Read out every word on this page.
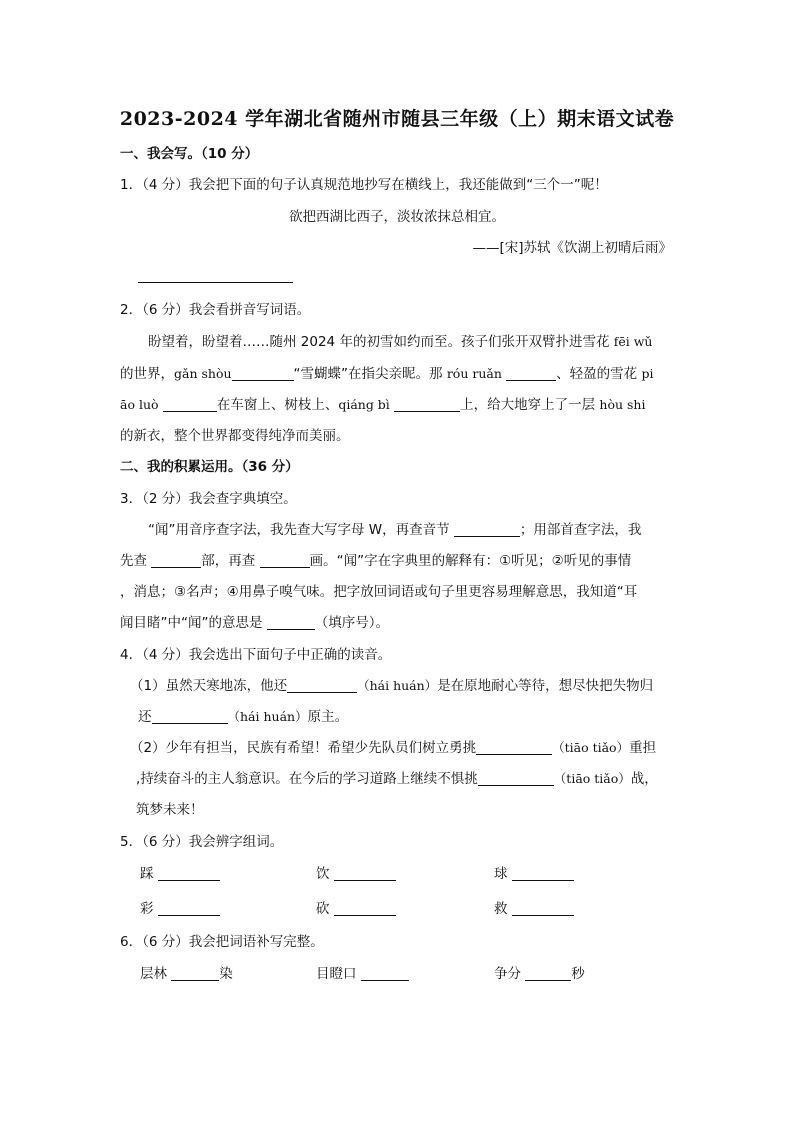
2023-2024 学年湖北省随州市随县三年级（上）期末语文试卷
一、我会写。（10 分）
1．（4 分）我会把下面的句子认真规范地抄写在横线上，我还能做到“三个一”呢！
欲把西湖比西子，淡妆浓抹总相宜。
——[宋]苏轼《饮湖上初晴后雨》
2．（6 分）我会看拼音写词语。
盼望着，盼望着……随州 2024 年的初雪如约而至。孩子们张开双臂扑进雪花 fēi wǔ
的世界，gǎn shòu	“雪蝴蝶”在指尖亲昵。那 róu ruǎn	、轻盈的雪花 pi
āo luò	在车窗上、树枝上、qiáng bì	上，给大地穿上了一层 hòu shi
的新衣，整个世界都变得纯净而美丽。
二、我的积累运用。（36 分）
3．（2 分）我会查字典填空。
“闻”用音序查字法，我先查大写字母 W，再查音节	；用部首查字法，我
先查	部，再查	画。“闻”字在字典里的解释有：①听见；②听见的事情
，消息；③名声；④用鼻子嗅气味。把字放回词语或句子里更容易理解意思，我知道“耳
闻目睹”中“闻”的意思是	（填序号）。
4．（4 分）我会选出下面句子中正确的读音。
（1）虽然天寒地冻，他还	（hái huán）是在原地耐心等待，想尽快把失物归
还	（hái huán）原主。
（2）少年有担当，民族有希望！希望少先队员们树立勇挑	（tiāo tiǎo）重担
,持续奋斗的主人翁意识。在今后的学习道路上继续不惧挑	（tiāo tiǎo）战，
筑梦未来！
5．（6 分）我会辨字组词。
踩	饮	球
彩	砍	救
6．（6 分）我会把词语补写完整。
层林	染	目瞪口	争分	秒
